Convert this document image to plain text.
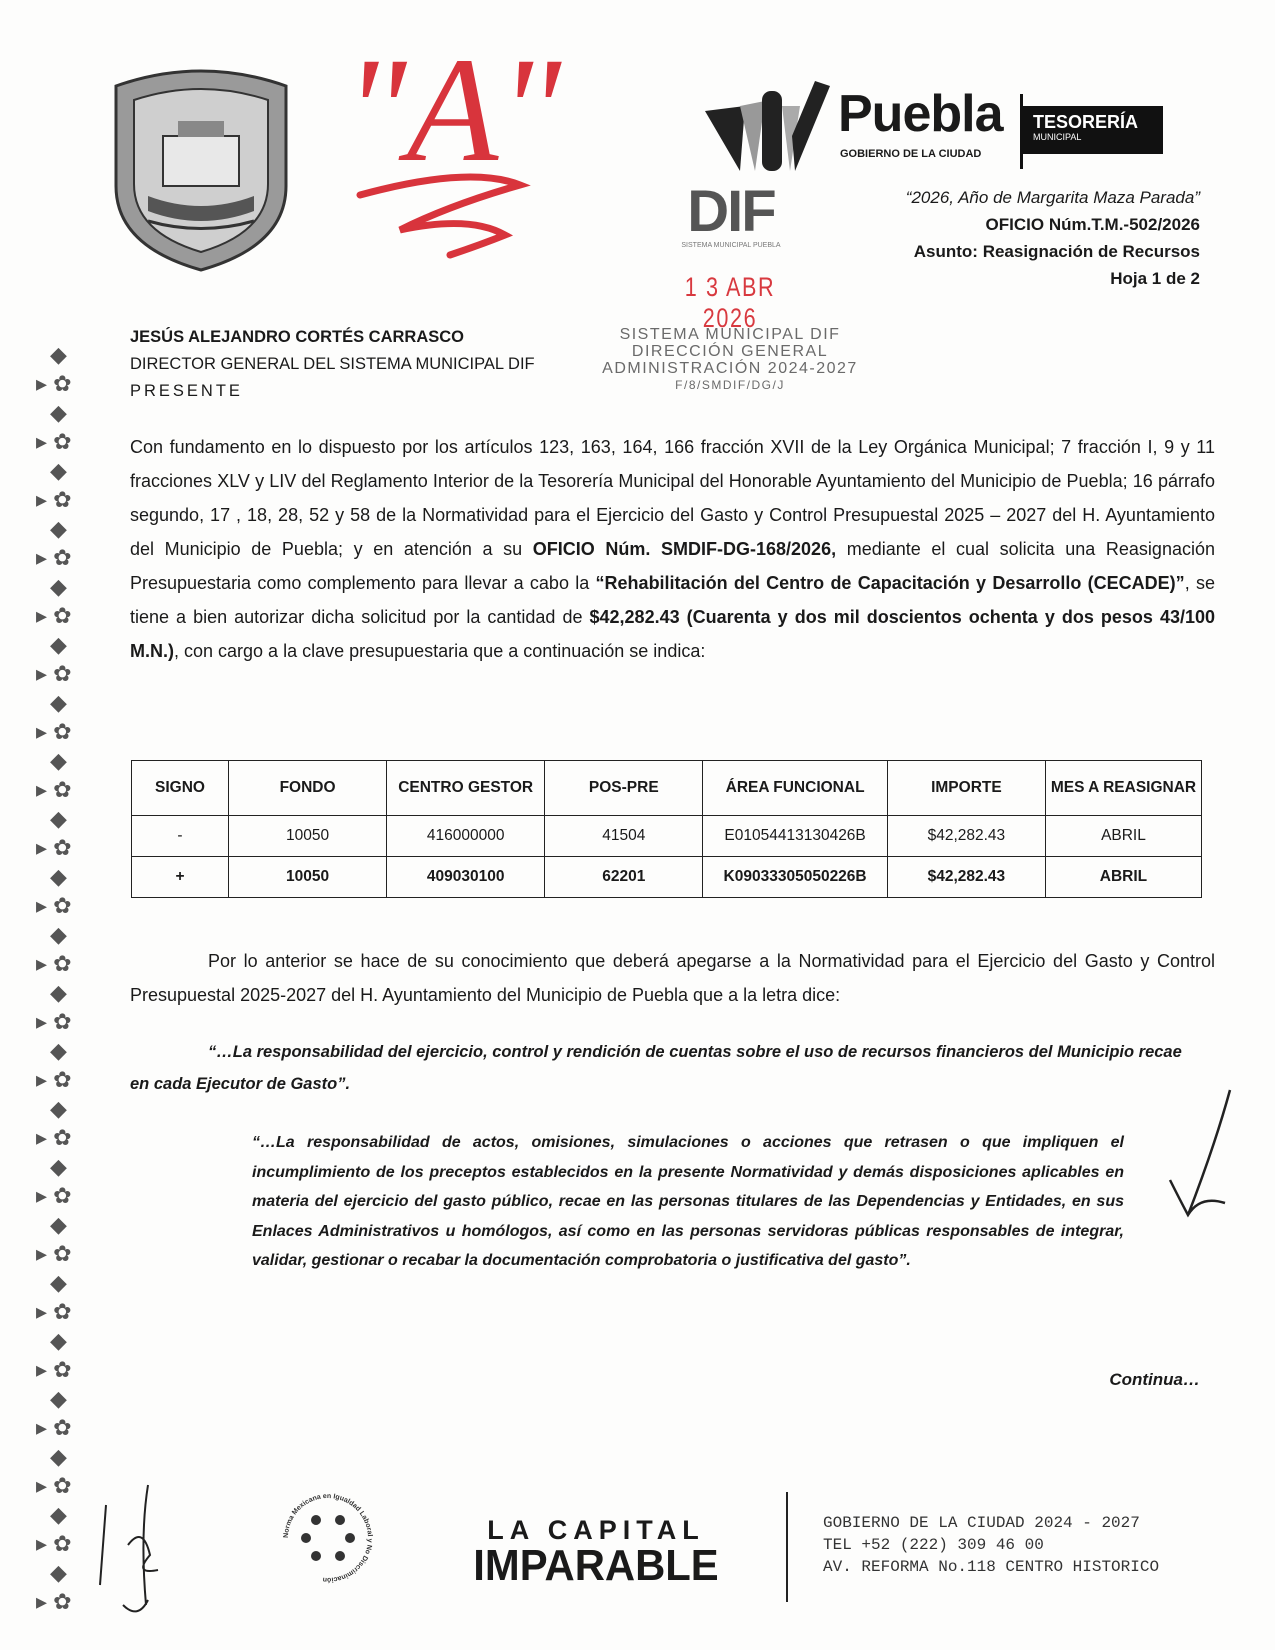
◆
▸ ✿
◆
▸ ✿
◆
▸ ✿
◆
▸ ✿
◆
▸ ✿
◆
▸ ✿
◆
▸ ✿
◆
▸ ✿
◆
▸ ✿
◆
▸ ✿
◆
▸ ✿
◆
▸ ✿
◆
▸ ✿
◆
▸ ✿
◆
▸ ✿
◆
▸ ✿
◆
▸ ✿
◆
▸ ✿
◆
▸ ✿
◆
▸ ✿
◆
▸ ✿
◆
▸ ✿
"A"	Puebla
GOBIERNO DE LA CIUDAD
TESORERÍA
MUNICIPAL
DIF
SISTEMA MUNICIPAL PUEBLA
“2026, Año de Margarita Maza Parada”
OFICIO Núm.T.M.-502/2026
Asunto: Reasignación de Recursos
Hoja 1 de 2
1 3 ABR 2026
SISTEMA MUNICIPAL DIF
DIRECCIÓN GENERAL
ADMINISTRACIÓN 2024-2027
F/8/SMDIF/DG/J
JESÚS ALEJANDRO CORTÉS CARRASCO
DIRECTOR GENERAL DEL SISTEMA MUNICIPAL DIF
PRESENTE
Con fundamento en lo dispuesto por los artículos 123, 163, 164, 166 fracción XVII de la Ley Orgánica Municipal; 7 fracción I, 9 y 11 fracciones XLV y LIV del Reglamento Interior de la Tesorería Municipal del Honorable Ayuntamiento del Municipio de Puebla; 16 párrafo segundo, 17 , 18, 28, 52 y 58 de la Normatividad para el Ejercicio del Gasto y Control Presupuestal 2025 – 2027 del H. Ayuntamiento del Municipio de Puebla; y en atención a su OFICIO Núm. SMDIF-DG-168/2026, mediante el cual solicita una Reasignación Presupuestaria como complemento para llevar a cabo la “Rehabilitación del Centro de Capacitación y Desarrollo (CECADE)”, se tiene a bien autorizar dicha solicitud por la cantidad de $42,282.43 (Cuarenta y dos mil doscientos ochenta y dos pesos 43/100 M.N.), con cargo a la clave presupuestaria que a continuación se indica:
SIGNO	FONDO	CENTRO GESTOR	POS-PRE	ÁREA FUNCIONAL	IMPORTE	MES A REASIGNAR
-	10050	416000000	41504	E01054413130426B	$42,282.43	ABRIL
+	10050	409030100	62201	K09033305050226B	$42,282.43	ABRIL
Por lo anterior se hace de su conocimiento que deberá apegarse a la Normatividad para el Ejercicio del Gasto y Control Presupuestal 2025-2027 del H. Ayuntamiento del Municipio de Puebla que a la letra dice:
“…La responsabilidad del ejercicio, control y rendición de cuentas sobre el uso de recursos financieros del Municipio recae en cada Ejecutor de Gasto”.
“…La responsabilidad de actos, omisiones, simulaciones o acciones que retrasen o que impliquen el incumplimiento de los preceptos establecidos en la presente Normatividad y demás disposiciones aplicables en materia del ejercicio del gasto público, recae en las personas titulares de las Dependencias y Entidades, en sus Enlaces Administrativos u homólogos, así como en las personas servidoras públicas responsables de integrar, validar, gestionar o recabar la documentación comprobatoria o justificativa del gasto”.
Continua…
Norma Mexicana en Igualdad Laboral y No Discriminación
LA CAPITAL
IMPARABLE
GOBIERNO DE LA CIUDAD 2024 - 2027
TEL +52 (222) 309 46 00
AV. REFORMA No.118 CENTRO HISTORICO
